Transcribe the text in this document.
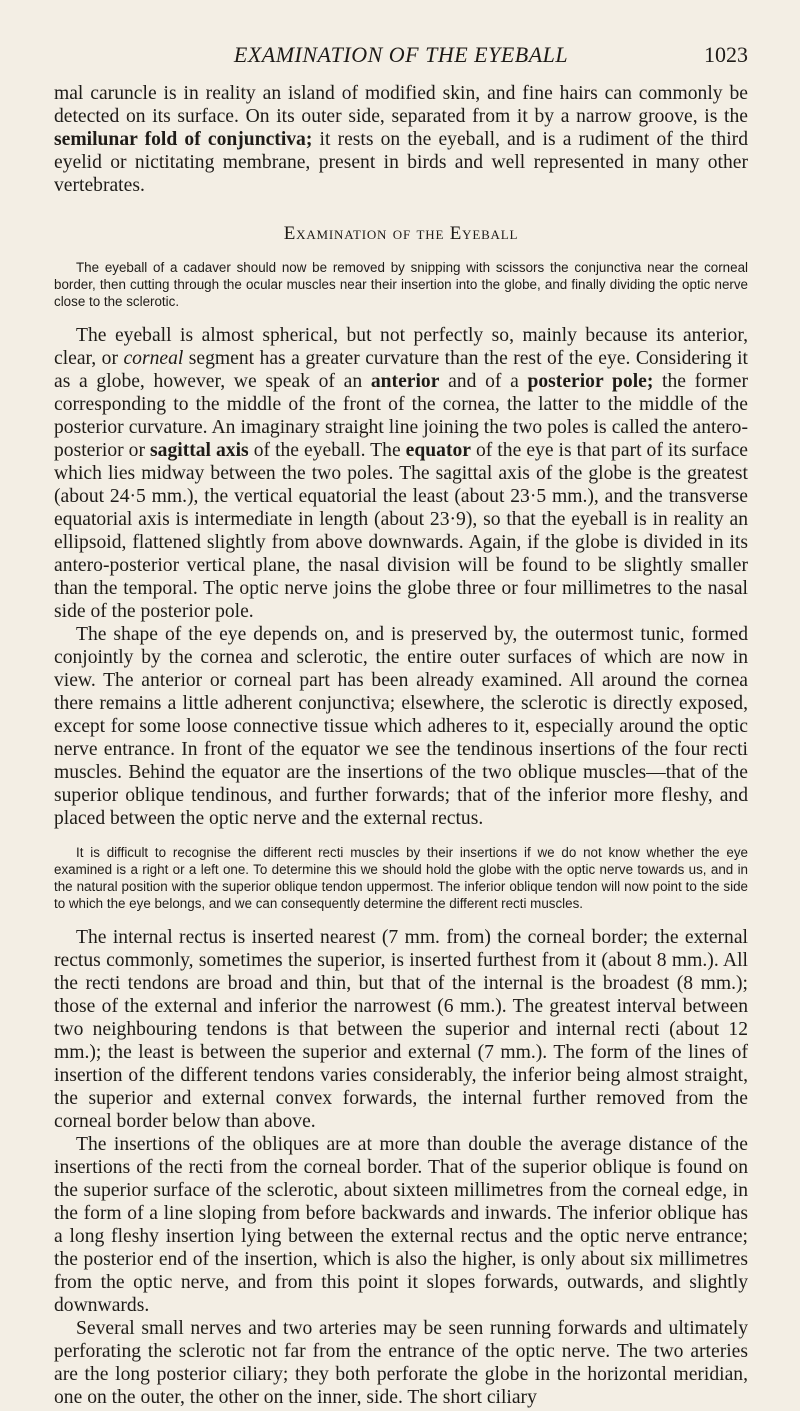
EXAMINATION OF THE EYEBALL	1023

mal caruncle is in reality an island of modified skin, and fine hairs can commonly be detected on its surface. On its outer side, separated from it by a narrow groove, is the semilunar fold of conjunctiva; it rests on the eyeball, and is a rudiment of the third eyelid or nictitating membrane, present in birds and well represented in many other vertebrates.

Examination of the Eyeball

The eyeball of a cadaver should now be removed by snipping with scissors the conjunctiva near the corneal border, then cutting through the ocular muscles near their insertion into the globe, and finally dividing the optic nerve close to the sclerotic.

The eyeball is almost spherical, but not perfectly so, mainly because its anterior, clear, or corneal segment has a greater curvature than the rest of the eye. Considering it as a globe, however, we speak of an anterior and of a posterior pole; the former corresponding to the middle of the front of the cornea, the latter to the middle of the posterior curvature. An imaginary straight line joining the two poles is called the antero-posterior or sagittal axis of the eyeball. The equator of the eye is that part of its surface which lies midway between the two poles. The sagittal axis of the globe is the greatest (about 24·5 mm.), the vertical equatorial the least (about 23·5 mm.), and the transverse equatorial axis is intermediate in length (about 23·9), so that the eyeball is in reality an ellipsoid, flattened slightly from above downwards. Again, if the globe is divided in its antero-posterior vertical plane, the nasal division will be found to be slightly smaller than the temporal. The optic nerve joins the globe three or four millimetres to the nasal side of the posterior pole.

The shape of the eye depends on, and is preserved by, the outermost tunic, formed conjointly by the cornea and sclerotic, the entire outer surfaces of which are now in view. The anterior or corneal part has been already examined. All around the cornea there remains a little adherent conjunctiva; elsewhere, the sclerotic is directly exposed, except for some loose connective tissue which adheres to it, especially around the optic nerve entrance. In front of the equator we see the tendinous insertions of the four recti muscles. Behind the equator are the insertions of the two oblique muscles—that of the superior oblique tendinous, and further forwards; that of the inferior more fleshy, and placed between the optic nerve and the external rectus.

It is difficult to recognise the different recti muscles by their insertions if we do not know whether the eye examined is a right or a left one. To determine this we should hold the globe with the optic nerve towards us, and in the natural position with the superior oblique tendon uppermost. The inferior oblique tendon will now point to the side to which the eye belongs, and we can consequently determine the different recti muscles.

The internal rectus is inserted nearest (7 mm. from) the corneal border; the external rectus commonly, sometimes the superior, is inserted furthest from it (about 8 mm.). All the recti tendons are broad and thin, but that of the internal is the broadest (8 mm.); those of the external and inferior the narrowest (6 mm.). The greatest interval between two neighbouring tendons is that between the superior and internal recti (about 12 mm.); the least is between the superior and external (7 mm.). The form of the lines of insertion of the different tendons varies considerably, the inferior being almost straight, the superior and external convex forwards, the internal further removed from the corneal border below than above.

The insertions of the obliques are at more than double the average distance of the insertions of the recti from the corneal border. That of the superior oblique is found on the superior surface of the sclerotic, about sixteen millimetres from the corneal edge, in the form of a line sloping from before backwards and inwards. The inferior oblique has a long fleshy insertion lying between the external rectus and the optic nerve entrance; the posterior end of the insertion, which is also the higher, is only about six millimetres from the optic nerve, and from this point it slopes forwards, outwards, and slightly downwards.

Several small nerves and two arteries may be seen running forwards and ultimately perforating the sclerotic not far from the entrance of the optic nerve. The two arteries are the long posterior ciliary; they both perforate the globe in the horizontal meridian, one on the outer, the other on the inner, side. The short ciliary
